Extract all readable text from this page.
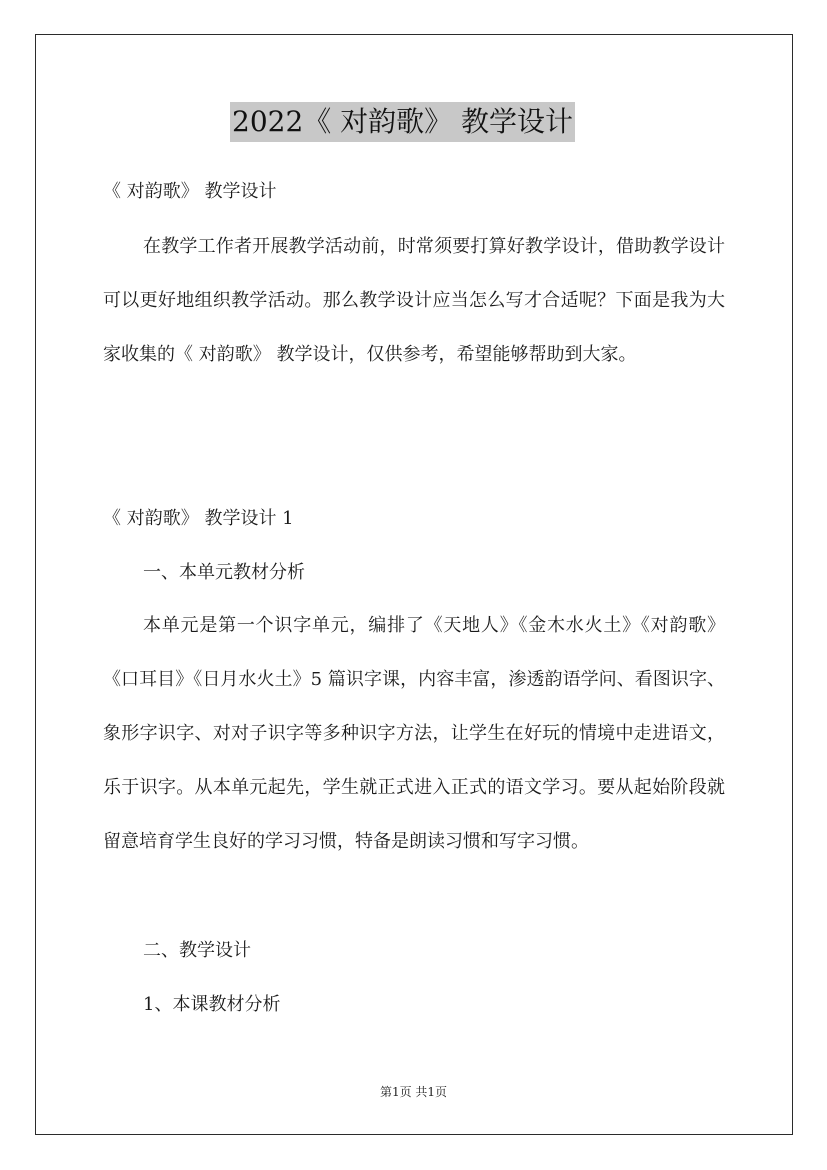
2022《 对韵歌》 教学设计
《 对韵歌》 教学设计
在教学工作者开展教学活动前，时常须要打算好教学设计，借助教学设计可以更好地组织教学活动。那么教学设计应当怎么写才合适呢？下面是我为大家收集的《 对韵歌》 教学设计，仅供参考，希望能够帮助到大家。
《 对韵歌》 教学设计 1
一、本单元教材分析
本单元是第一个识字单元，编排了《天地人》《金木水火土》《对韵歌》《口耳目》《日月水火土》5 篇识字课，内容丰富，渗透韵语学问、看图识字、象形字识字、对对子识字等多种识字方法，让学生在好玩的情境中走进语文，乐于识字。从本单元起先，学生就正式进入正式的语文学习。要从起始阶段就留意培育学生良好的学习习惯，特备是朗读习惯和写字习惯。
二、教学设计
1、本课教材分析
第1页 共1页
